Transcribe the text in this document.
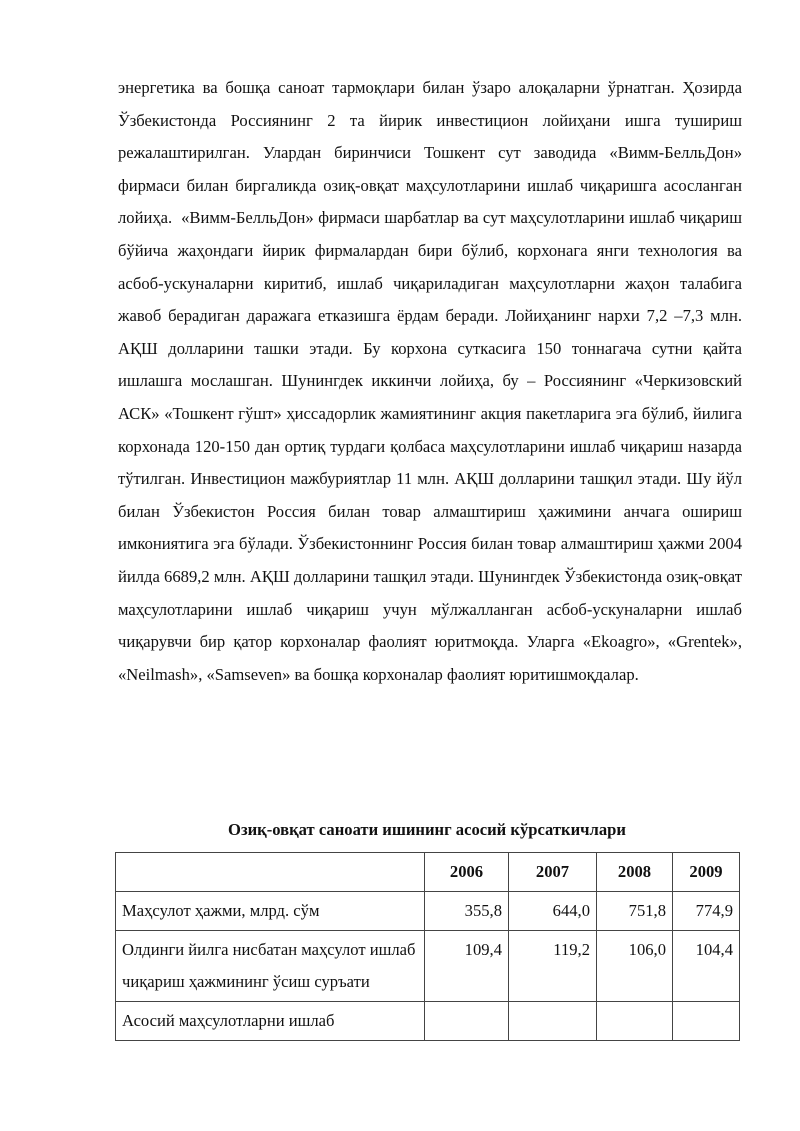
энергетика ва бошқа саноат тармоқлари билан ўзаро алоқаларни ўрнатган. Ҳозирда Ўзбекистонда Россиянинг 2 та йирик инвестицион лойиҳани ишга тушириш режалаштирилган. Улардан биринчиси Тошкент сут заводида «Вимм-БелльДон» фирмаси билан биргаликда озиқ-овқат маҳсулотларини ишлаб чиқаришга асосланган лойиҳа.  «Вимм-БелльДон» фирмаси шарбатлар ва сут маҳсулотларини ишлаб чиқариш бўйича жаҳондаги йирик фирмалардан бири бўлиб, корхонага янги технология ва асбоб-ускуналарни киритиб, ишлаб чиқариладиган маҳсулотларни жаҳон талабига жавоб берадиган даражага етказишга ёрдам беради. Лойиҳанинг нархи 7,2 –7,3 млн. АҚШ долларини ташки этади. Бу корхона суткасига 150 тоннагача сутни қайта ишлашга мослашган. Шунингдек иккинчи лойиҳа, бу – Россиянинг «Черкизовский АСК» «Тошкент гўшт» ҳиссадорлик жамиятининг акция пакетларига эга бўлиб, йилига корхонада 120-150 дан ортиқ турдаги қолбаса маҳсулотларини ишлаб чиқариш назарда тўтилган. Инвестицион мажбуриятлар 11 млн. АҚШ долларини ташқил этади. Шу йўл билан Ўзбекистон Россия билан товар алмаштириш ҳажимини анчага ошириш имкониятига эга бўлади. Ўзбекистоннинг Россия билан товар алмаштириш ҳажми 2004 йилда 6689,2 млн. АҚШ долларини ташқил этади. Шунингдек Ўзбекистонда озиқ-овқат маҳсулотларини ишлаб чиқариш учун мўлжалланган асбоб-ускуналарни ишлаб чиқарувчи бир қатор корхоналар фаолият юритмоқда. Уларга «Ekoagro», «Grentek»,  «Neilmash», «Samseven» ва бошқа корхоналар фаолият юритишмоқдалар.
Озиқ-овқат саноати ишининг асосий кўрсаткичлари
	2006	2007	2008	2009
Маҳсулот ҳажми, млрд. сўм	355,8	644,0	751,8	774,9
Олдинги йилга нисбатан маҳсулот ишлаб чиқариш ҳажмининг ўсиш суръати	109,4	119,2	106,0	104,4
Асосий маҳсулотларни ишлаб				
